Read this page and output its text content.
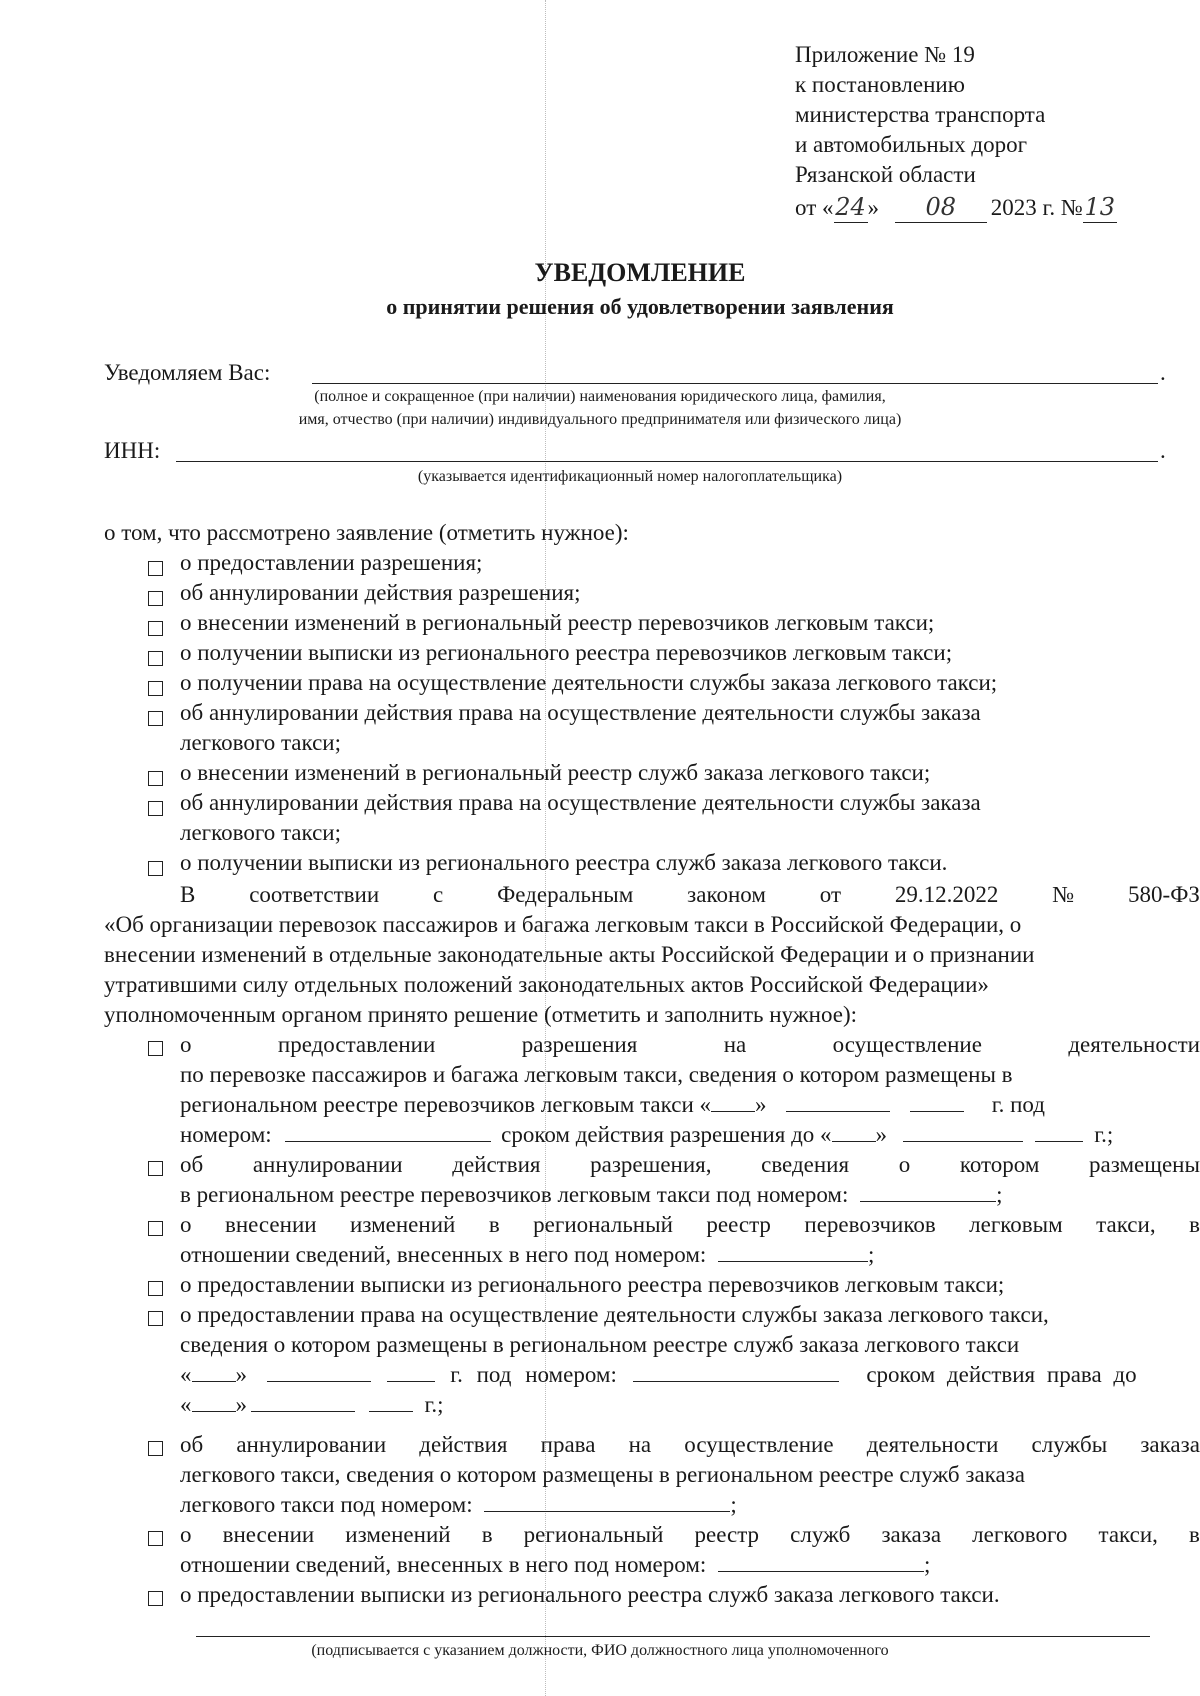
Приложение № 19
к постановлению
министерства транспорта
и автомобильных дорог
Рязанской области
от «24» 08 2023 г. №13
УВЕДОМЛЕНИЕ
о принятии решения об удовлетворении заявления
Уведомляем Вас:	.
(полное и сокращенное (при наличии) наименования юридического лица, фамилия,
имя, отчество (при наличии) индивидуального предпринимателя или физического лица)
ИНН:	.
(указывается идентификационный номер налогоплательщика)
о том, что рассмотрено заявление (отметить нужное):
о предоставлении разрешения;
об аннулировании действия разрешения;
о внесении изменений в региональный реестр перевозчиков легковым такси;
о получении выписки из регионального реестра перевозчиков легковым такси;
о получении права на осуществление деятельности службы заказа легкового такси;
об аннулировании действия права на осуществление деятельности службы заказа
легкового такси;
о внесении изменений в региональный реестр служб заказа легкового такси;
об аннулировании действия права на осуществление деятельности службы заказа
легкового такси;
о получении выписки из регионального реестра служб заказа легкового такси.
В соответствии с Федеральным законом от 29.12.2022 № 580-ФЗ
«Об организации перевозок пассажиров и багажа легковым такси в Российской Федерации, о
внесении изменений в отдельные законодательные акты Российской Федерации и о признании
утратившими силу отдельных положений законодательных актов Российской Федерации»
уполномоченным органом принято решение (отметить и заполнить нужное):
о	предоставлении	разрешения	на	осуществление	деятельности
по перевозке пассажиров и багажа легковым такси, сведения о котором размещены в
региональном реестре перевозчиков легковым такси « »	г. под
номером:	сроком действия разрешения до « »	г.;
об аннулировании действия разрешения, сведения о котором размещены
в региональном реестре перевозчиков легковым такси под номером:	;
о внесении изменений в региональный реестр перевозчиков легковым такси, в
отношении сведений, внесенных в него под номером:	;
о предоставлении выписки из регионального реестра перевозчиков легковым такси;
о предоставлении права на осуществление деятельности службы заказа легкового такси,
сведения о котором размещены в региональном реестре служб заказа легкового такси
« »	г. под номером:	сроком действия права до
« »	г.;
об аннулировании действия права на осуществление деятельности службы заказа
легкового такси, сведения о котором размещены в региональном реестре служб заказа
легкового такси под номером:	;
о внесении изменений в региональный реестр служб заказа легкового такси, в
отношении сведений, внесенных в него под номером:	;
о предоставлении выписки из регионального реестра служб заказа легкового такси.
(подписывается с указанием должности, ФИО должностного лица уполномоченного
